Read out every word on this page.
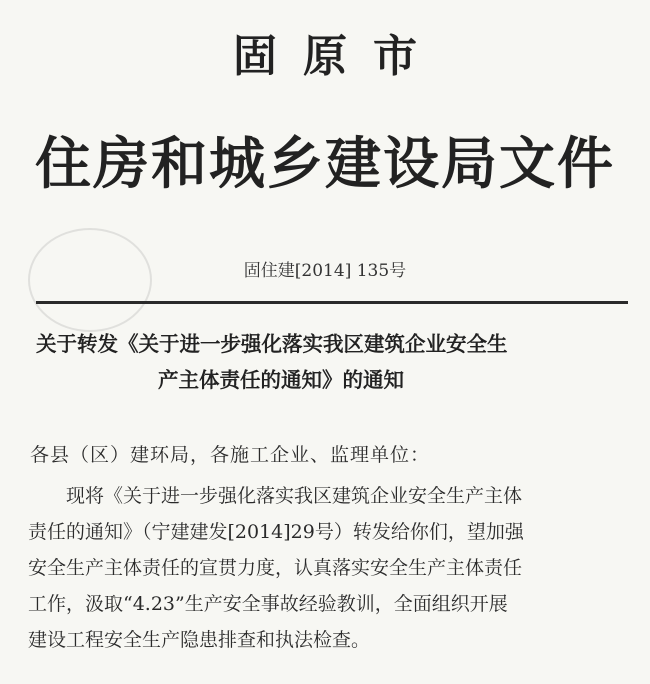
固原市
住房和城乡建设局文件
固住建[2014] 135号
关于转发《关于进一步强化落实我区建筑企业安全生
产主体责任的通知》的通知
各县（区）建环局，各施工企业、监理单位：
现将《关于进一步强化落实我区建筑企业安全生产主体
责任的通知》（宁建建发[2014]29号）转发给你们，望加强
安全生产主体责任的宣贯力度，认真落实安全生产主体责任
工作，汲取“4.23”生产安全事故经验教训，全面组织开展
建设工程安全生产隐患排查和执法检查。
